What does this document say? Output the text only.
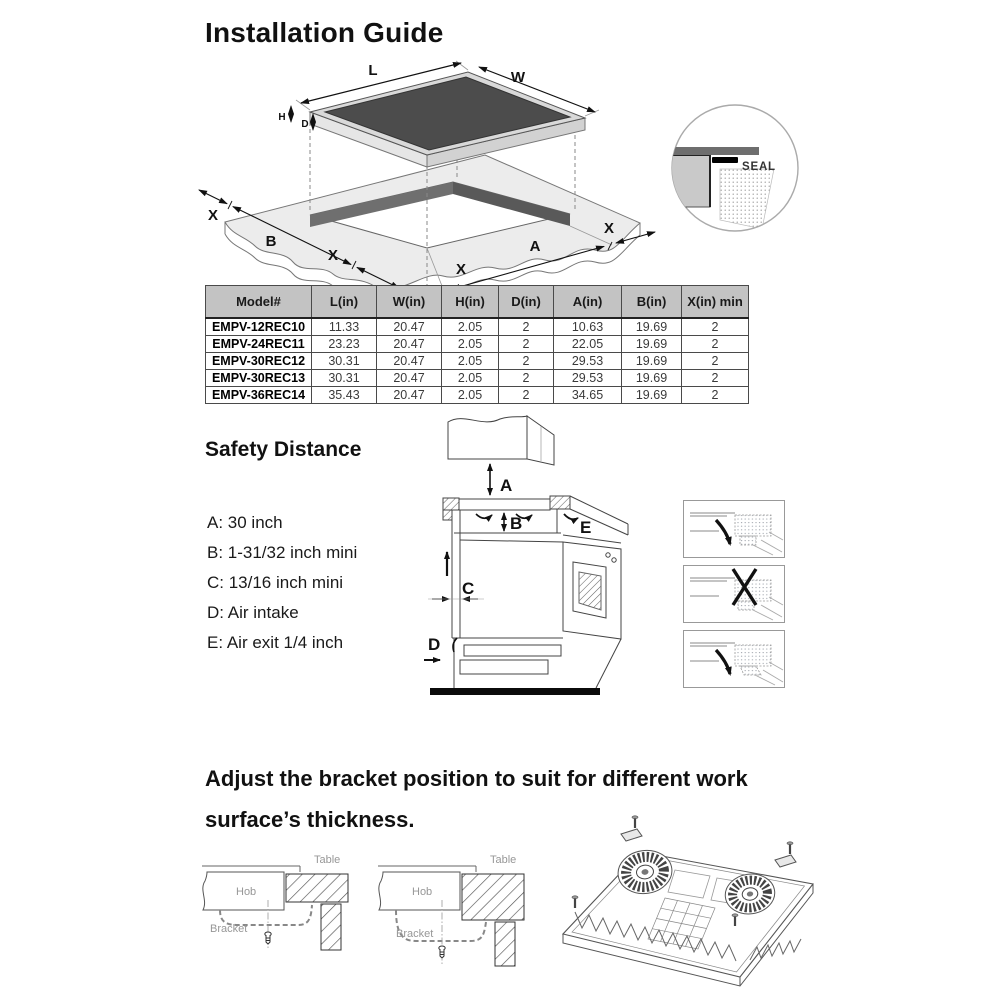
Installation Guide
L	W
H
D
X
B
X
X
A
X
SEAL
Model#	L(in)	W(in)	H(in)	D(in)	A(in)	B(in)	X(in) min
EMPV-12REC10	11.33	20.47	2.05	2	10.63	19.69	2
EMPV-24REC11	23.23	20.47	2.05	2	22.05	19.69	2
EMPV-30REC12	30.31	20.47	2.05	2	29.53	19.69	2
EMPV-30REC13	30.31	20.47	2.05	2	29.53	19.69	2
EMPV-36REC14	35.43	20.47	2.05	2	34.65	19.69	2
Safety Distance
A: 30 inch
B: 1-31/32 inch mini
C: 13/16 inch mini
D: Air intake
E: Air exit 1/4 inch
A
B	E
C
D
Adjust the bracket position to suit for different work
surface’s thickness.
Hob
Table
Bracket
Hob
Table
Bracket
